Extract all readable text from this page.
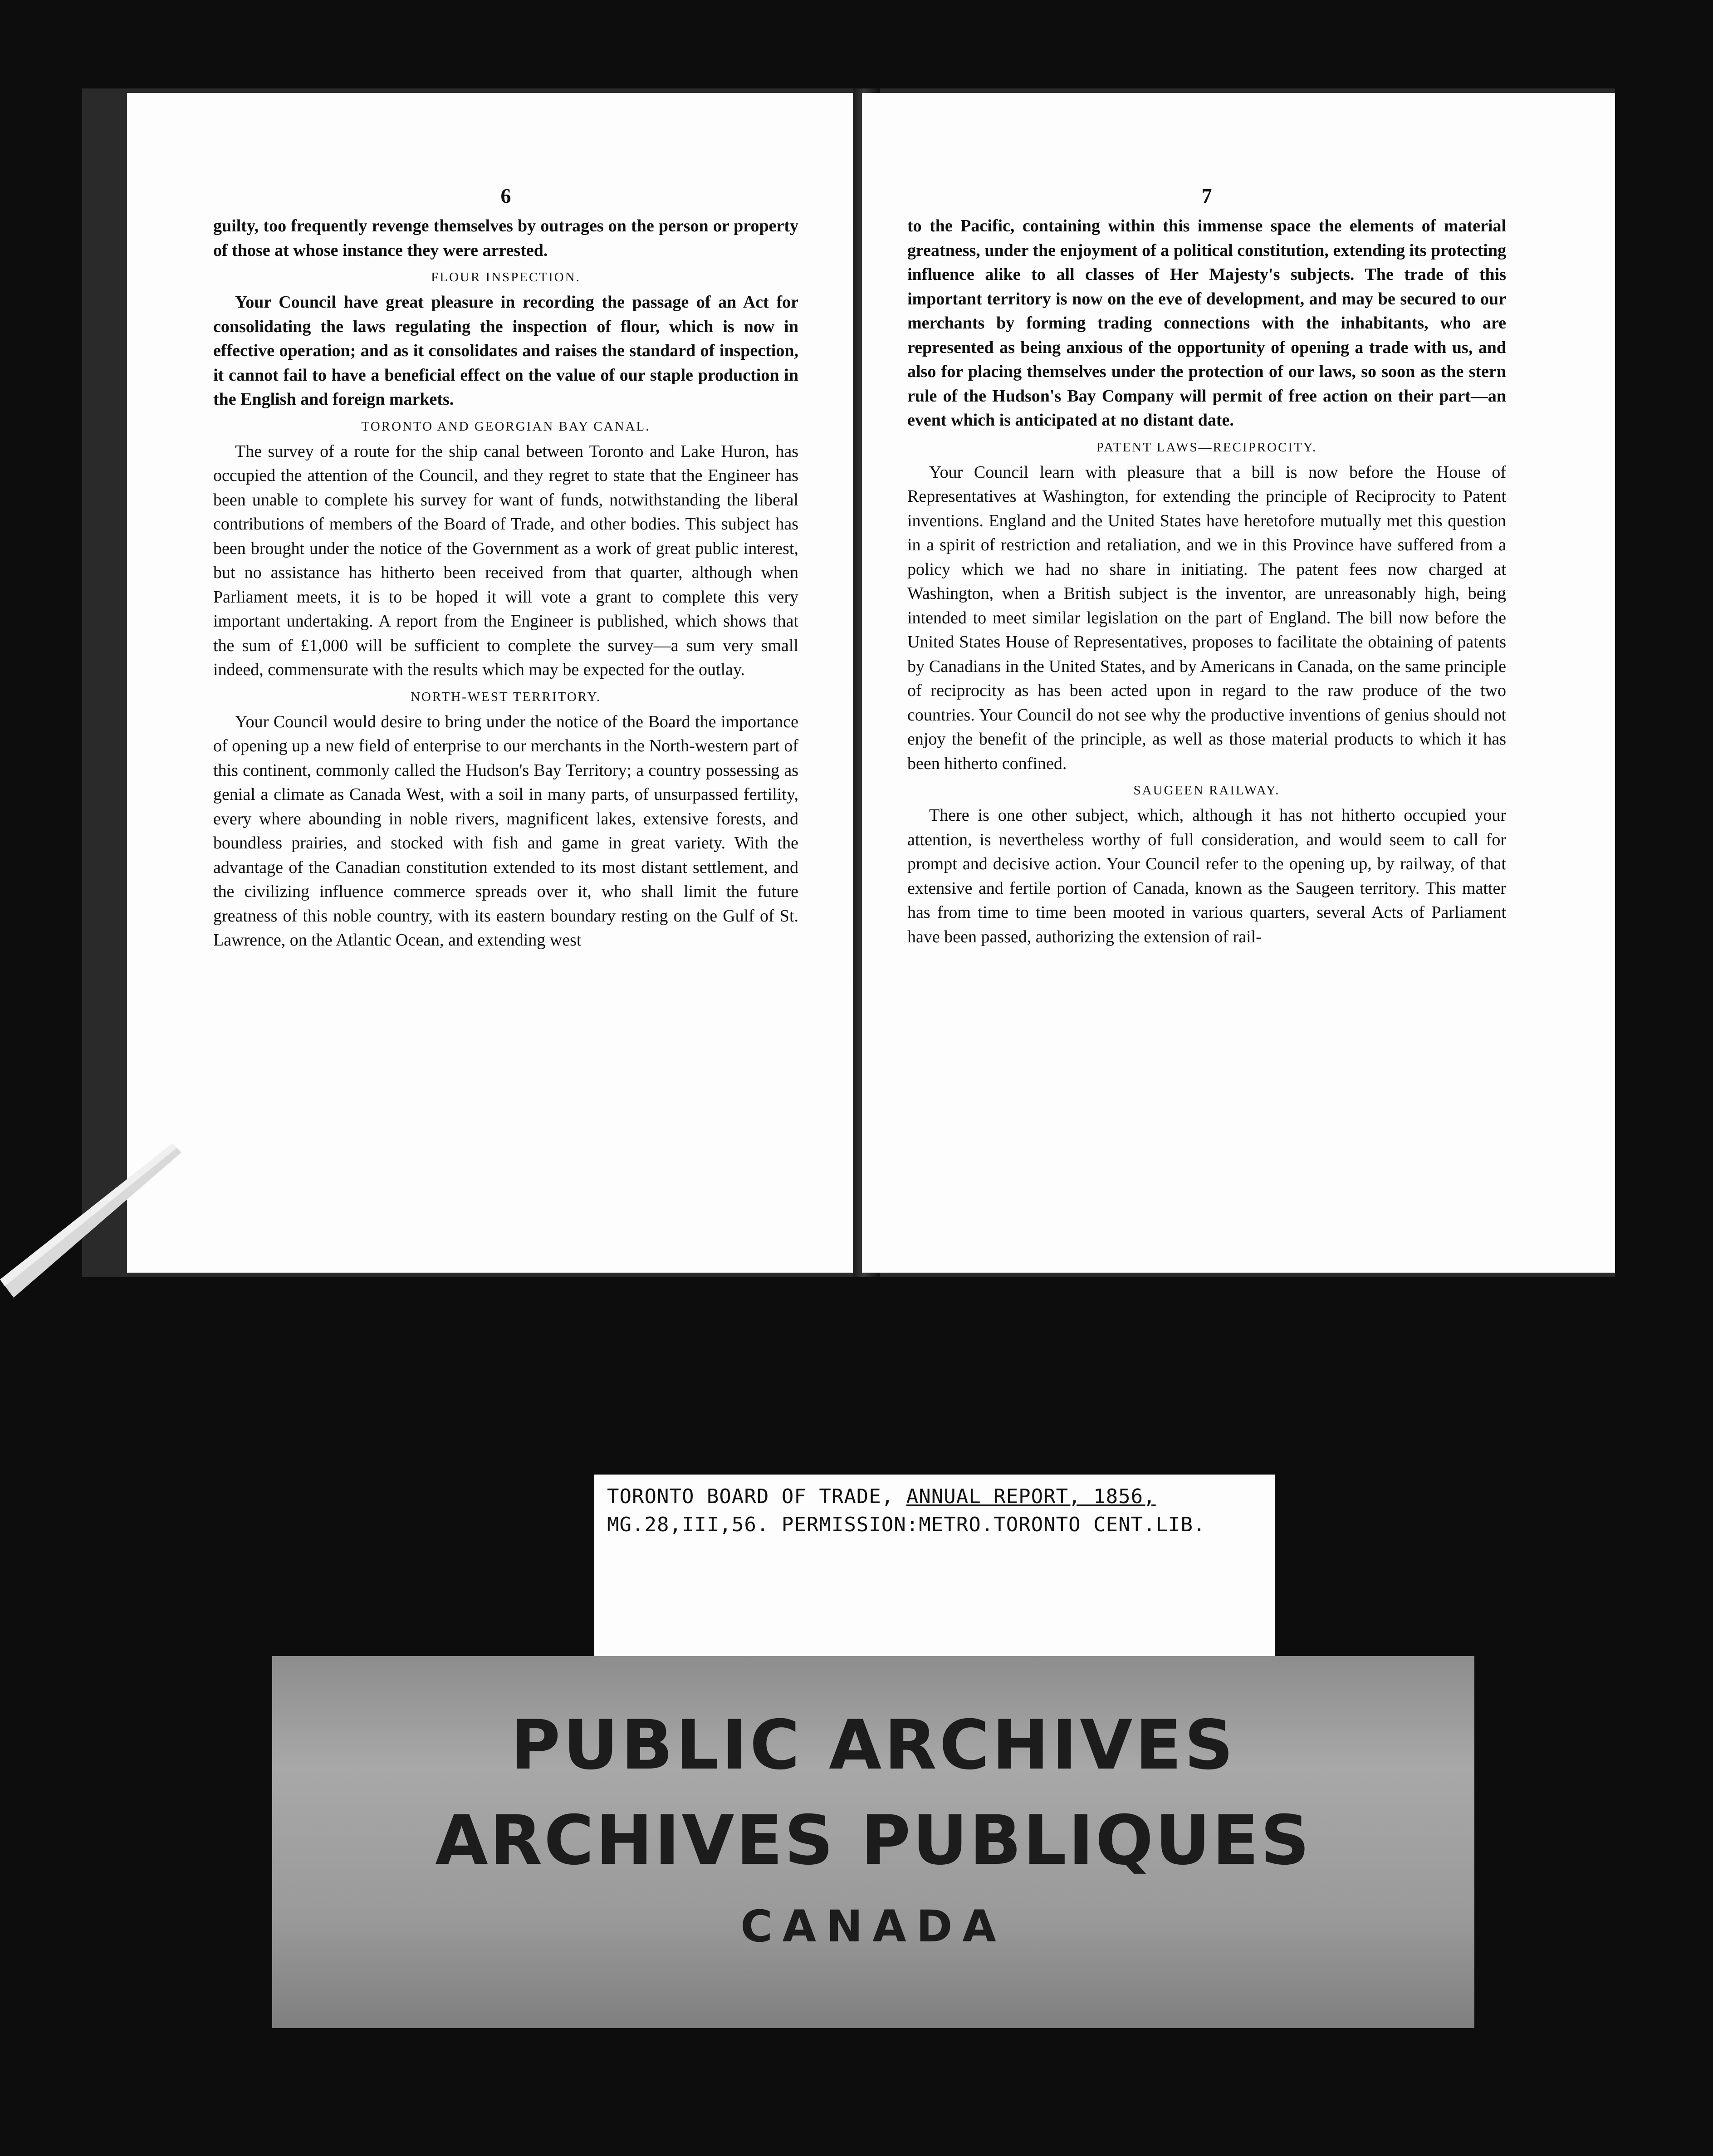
6

guilty, too frequently revenge themselves by outrages on the person or property of those at whose instance they were arrested.

FLOUR INSPECTION.

Your Council have great pleasure in recording the passage of an Act for consolidating the laws regulating the inspection of flour, which is now in effective operation; and as it consolidates and raises the standard of inspection, it cannot fail to have a beneficial effect on the value of our staple production in the English and foreign markets.

TORONTO AND GEORGIAN BAY CANAL.

The survey of a route for the ship canal between Toronto and Lake Huron, has occupied the attention of the Council, and they regret to state that the Engineer has been unable to complete his survey for want of funds, notwithstanding the liberal contributions of members of the Board of Trade, and other bodies. This subject has been brought under the notice of the Government as a work of great public interest, but no assistance has hitherto been received from that quarter, although when Parliament meets, it is to be hoped it will vote a grant to complete this very important undertaking. A report from the Engineer is published, which shows that the sum of £1,000 will be sufficient to complete the survey—a sum very small indeed, commensurate with the results which may be expected for the outlay.

NORTH-WEST TERRITORY.

Your Council would desire to bring under the notice of the Board the importance of opening up a new field of enterprise to our merchants in the North-western part of this continent, commonly called the Hudson's Bay Territory; a country possessing as genial a climate as Canada West, with a soil in many parts, of unsurpassed fertility, every where abounding in noble rivers, magnificent lakes, extensive forests, and boundless prairies, and stocked with fish and game in great variety. With the advantage of the Canadian constitution extended to its most distant settlement, and the civilizing influence commerce spreads over it, who shall limit the future greatness of this noble country, with its eastern boundary resting on the Gulf of St. Lawrence, on the Atlantic Ocean, and extending west

7

to the Pacific, containing within this immense space the elements of material greatness, under the enjoyment of a political constitution, extending its protecting influence alike to all classes of Her Majesty's subjects. The trade of this important territory is now on the eve of development, and may be secured to our merchants by forming trading connections with the inhabitants, who are represented as being anxious of the opportunity of opening a trade with us, and also for placing themselves under the protection of our laws, so soon as the stern rule of the Hudson's Bay Company will permit of free action on their part—an event which is anticipated at no distant date.

PATENT LAWS—RECIPROCITY.

Your Council learn with pleasure that a bill is now before the House of Representatives at Washington, for extending the principle of Reciprocity to Patent inventions. England and the United States have heretofore mutually met this question in a spirit of restriction and retaliation, and we in this Province have suffered from a policy which we had no share in initiating. The patent fees now charged at Washington, when a British subject is the inventor, are unreasonably high, being intended to meet similar legislation on the part of England. The bill now before the United States House of Representatives, proposes to facilitate the obtaining of patents by Canadians in the United States, and by Americans in Canada, on the same principle of reciprocity as has been acted upon in regard to the raw produce of the two countries. Your Council do not see why the productive inventions of genius should not enjoy the benefit of the principle, as well as those material products to which it has been hitherto confined.

SAUGEEN RAILWAY.

There is one other subject, which, although it has not hitherto occupied your attention, is nevertheless worthy of full consideration, and would seem to call for prompt and decisive action. Your Council refer to the opening up, by railway, of that extensive and fertile portion of Canada, known as the Saugeen territory. This matter has from time to time been mooted in various quarters, several Acts of Parliament have been passed, authorizing the extension of rail-

TORONTO BOARD OF TRADE, ANNUAL REPORT, 1856,
MG.28,III,56. PERMISSION:METRO.TORONTO CENT.LIB.
PUBLIC ARCHIVES
ARCHIVES PUBLIQUES
CANADA
